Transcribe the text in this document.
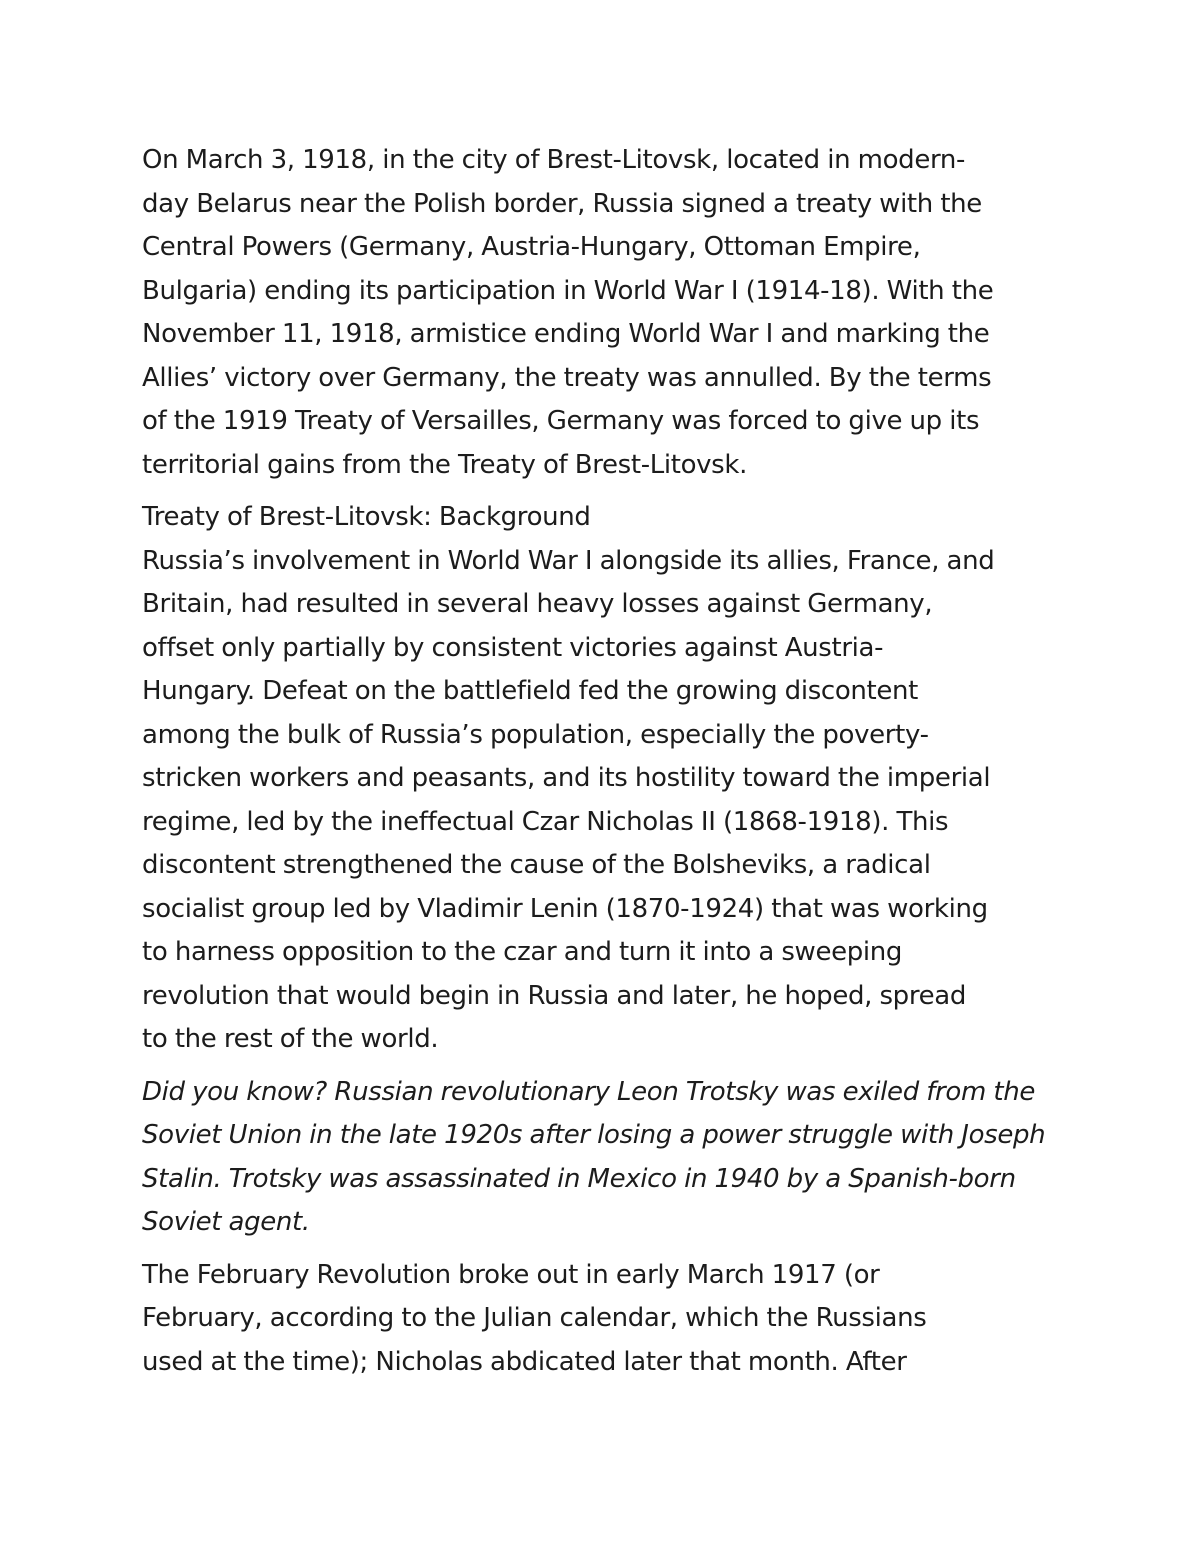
On March 3, 1918, in the city of Brest-Litovsk, located in modern-
day Belarus near the Polish border, Russia signed a treaty with the
Central Powers (Germany, Austria-Hungary, Ottoman Empire,
Bulgaria) ending its participation in World War I (1914-18). With the
November 11, 1918, armistice ending World War I and marking the
Allies’ victory over Germany, the treaty was annulled. By the terms
of the 1919 Treaty of Versailles, Germany was forced to give up its
territorial gains from the Treaty of Brest-Litovsk.
Treaty of Brest-Litovsk: Background
Russia’s involvement in World War I alongside its allies, France, and
Britain, had resulted in several heavy losses against Germany,
offset only partially by consistent victories against Austria-
Hungary. Defeat on the battlefield fed the growing discontent
among the bulk of Russia’s population, especially the poverty-
stricken workers and peasants, and its hostility toward the imperial
regime, led by the ineffectual Czar Nicholas II (1868-1918). This
discontent strengthened the cause of the Bolsheviks, a radical
socialist group led by Vladimir Lenin (1870-1924) that was working
to harness opposition to the czar and turn it into a sweeping
revolution that would begin in Russia and later, he hoped, spread
to the rest of the world.
Did you know? Russian revolutionary Leon Trotsky was exiled from the
Soviet Union in the late 1920s after losing a power struggle with Joseph
Stalin. Trotsky was assassinated in Mexico in 1940 by a Spanish-born
Soviet agent.
The February Revolution broke out in early March 1917 (or
February, according to the Julian calendar, which the Russians
used at the time); Nicholas abdicated later that month. After
